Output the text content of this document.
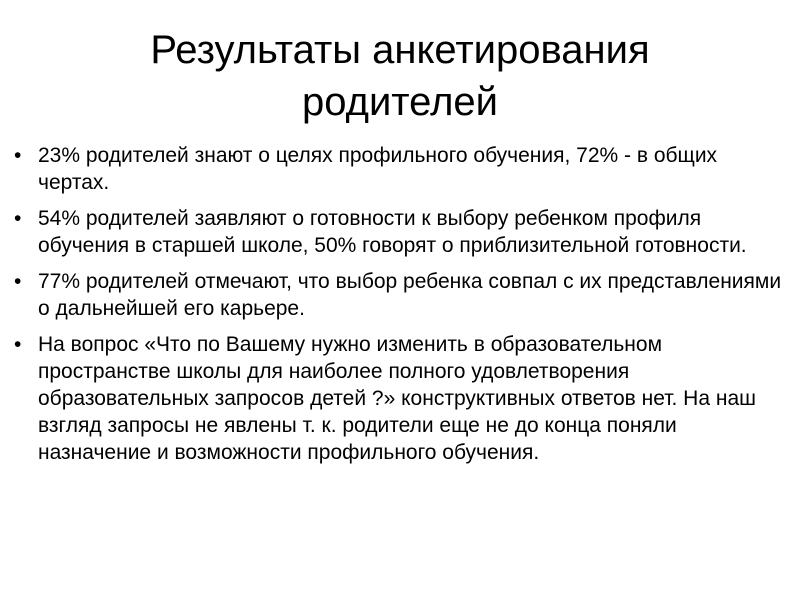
Результаты анкетирования родителей
• 23% родителей знают о целях профильного обучения, 72% - в общих чертах.
• 54% родителей заявляют о готовности к выбору ребенком профиля обучения в старшей школе, 50% говорят о приблизительной готовности.
• 77% родителей отмечают, что выбор ребенка совпал с их представлениями о дальнейшей его карьере.
• На вопрос «Что по Вашему нужно изменить в образовательном пространстве школы для наиболее полного удовлетворения образовательных запросов детей ?» конструктивных ответов нет. На наш взгляд запросы не явлены т. к. родители еще не до конца поняли назначение и возможности профильного обучения.
